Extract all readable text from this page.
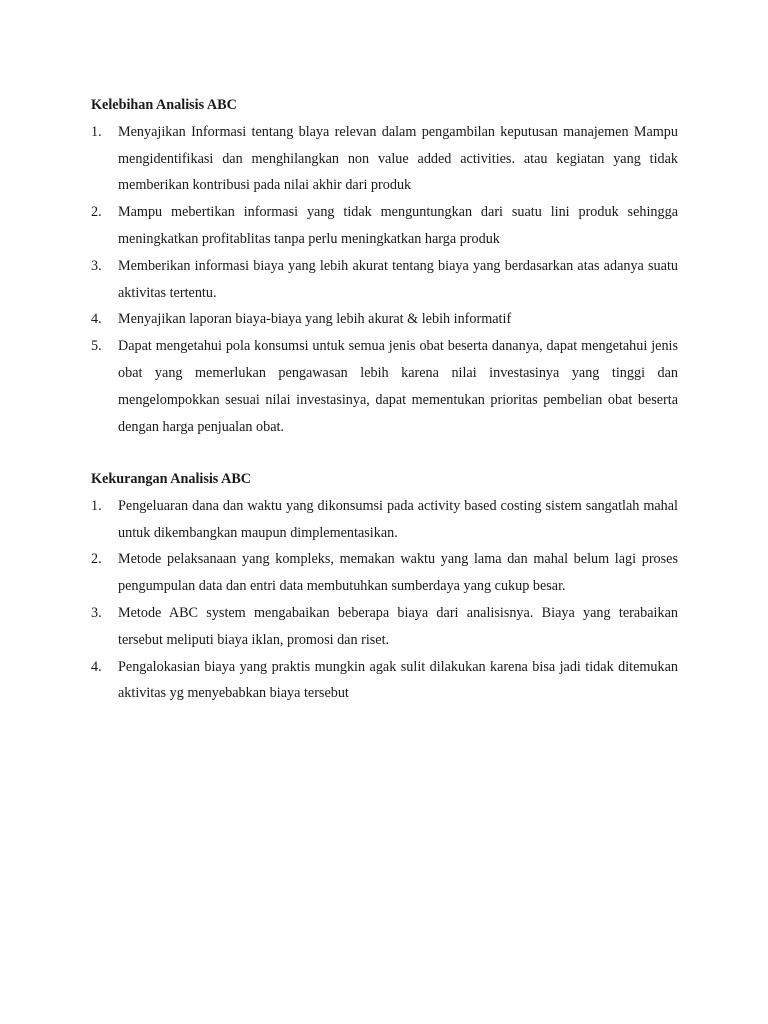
Kelebihan Analisis ABC
1. Menyajikan Informasi tentang blaya relevan dalam pengambilan keputusan manajemen Mampu mengidentifikasi dan menghilangkan non value added activities. atau kegiatan yang tidak memberikan kontribusi pada nilai akhir dari produk
2. Mampu mebertikan informasi yang tidak menguntungkan dari suatu lini produk sehingga meningkatkan profitablitas tanpa perlu meningkatkan harga produk
3. Memberikan informasi biaya yang lebih akurat tentang biaya yang berdasarkan atas adanya suatu aktivitas tertentu.
4. Menyajikan laporan biaya-biaya yang lebih akurat & lebih informatif
5. Dapat mengetahui pola konsumsi untuk semua jenis obat beserta dananya, dapat mengetahui jenis obat yang memerlukan pengawasan lebih karena nilai investasinya yang tinggi dan mengelompokkan sesuai nilai investasinya, dapat mementukan prioritas pembelian obat beserta dengan harga penjualan obat.
Kekurangan Analisis ABC
1. Pengeluaran dana dan waktu yang dikonsumsi pada activity based costing sistem sangatlah mahal untuk dikembangkan maupun dimplementasikan.
2. Metode pelaksanaan yang kompleks, memakan waktu yang lama dan mahal belum lagi proses pengumpulan data dan entri data membutuhkan sumberdaya yang cukup besar.
3. Metode ABC system mengabaikan beberapa biaya dari analisisnya. Biaya yang terabaikan tersebut meliputi biaya iklan, promosi dan riset.
4. Pengalokasian biaya yang praktis mungkin agak sulit dilakukan karena bisa jadi tidak ditemukan aktivitas yg menyebabkan biaya tersebut
